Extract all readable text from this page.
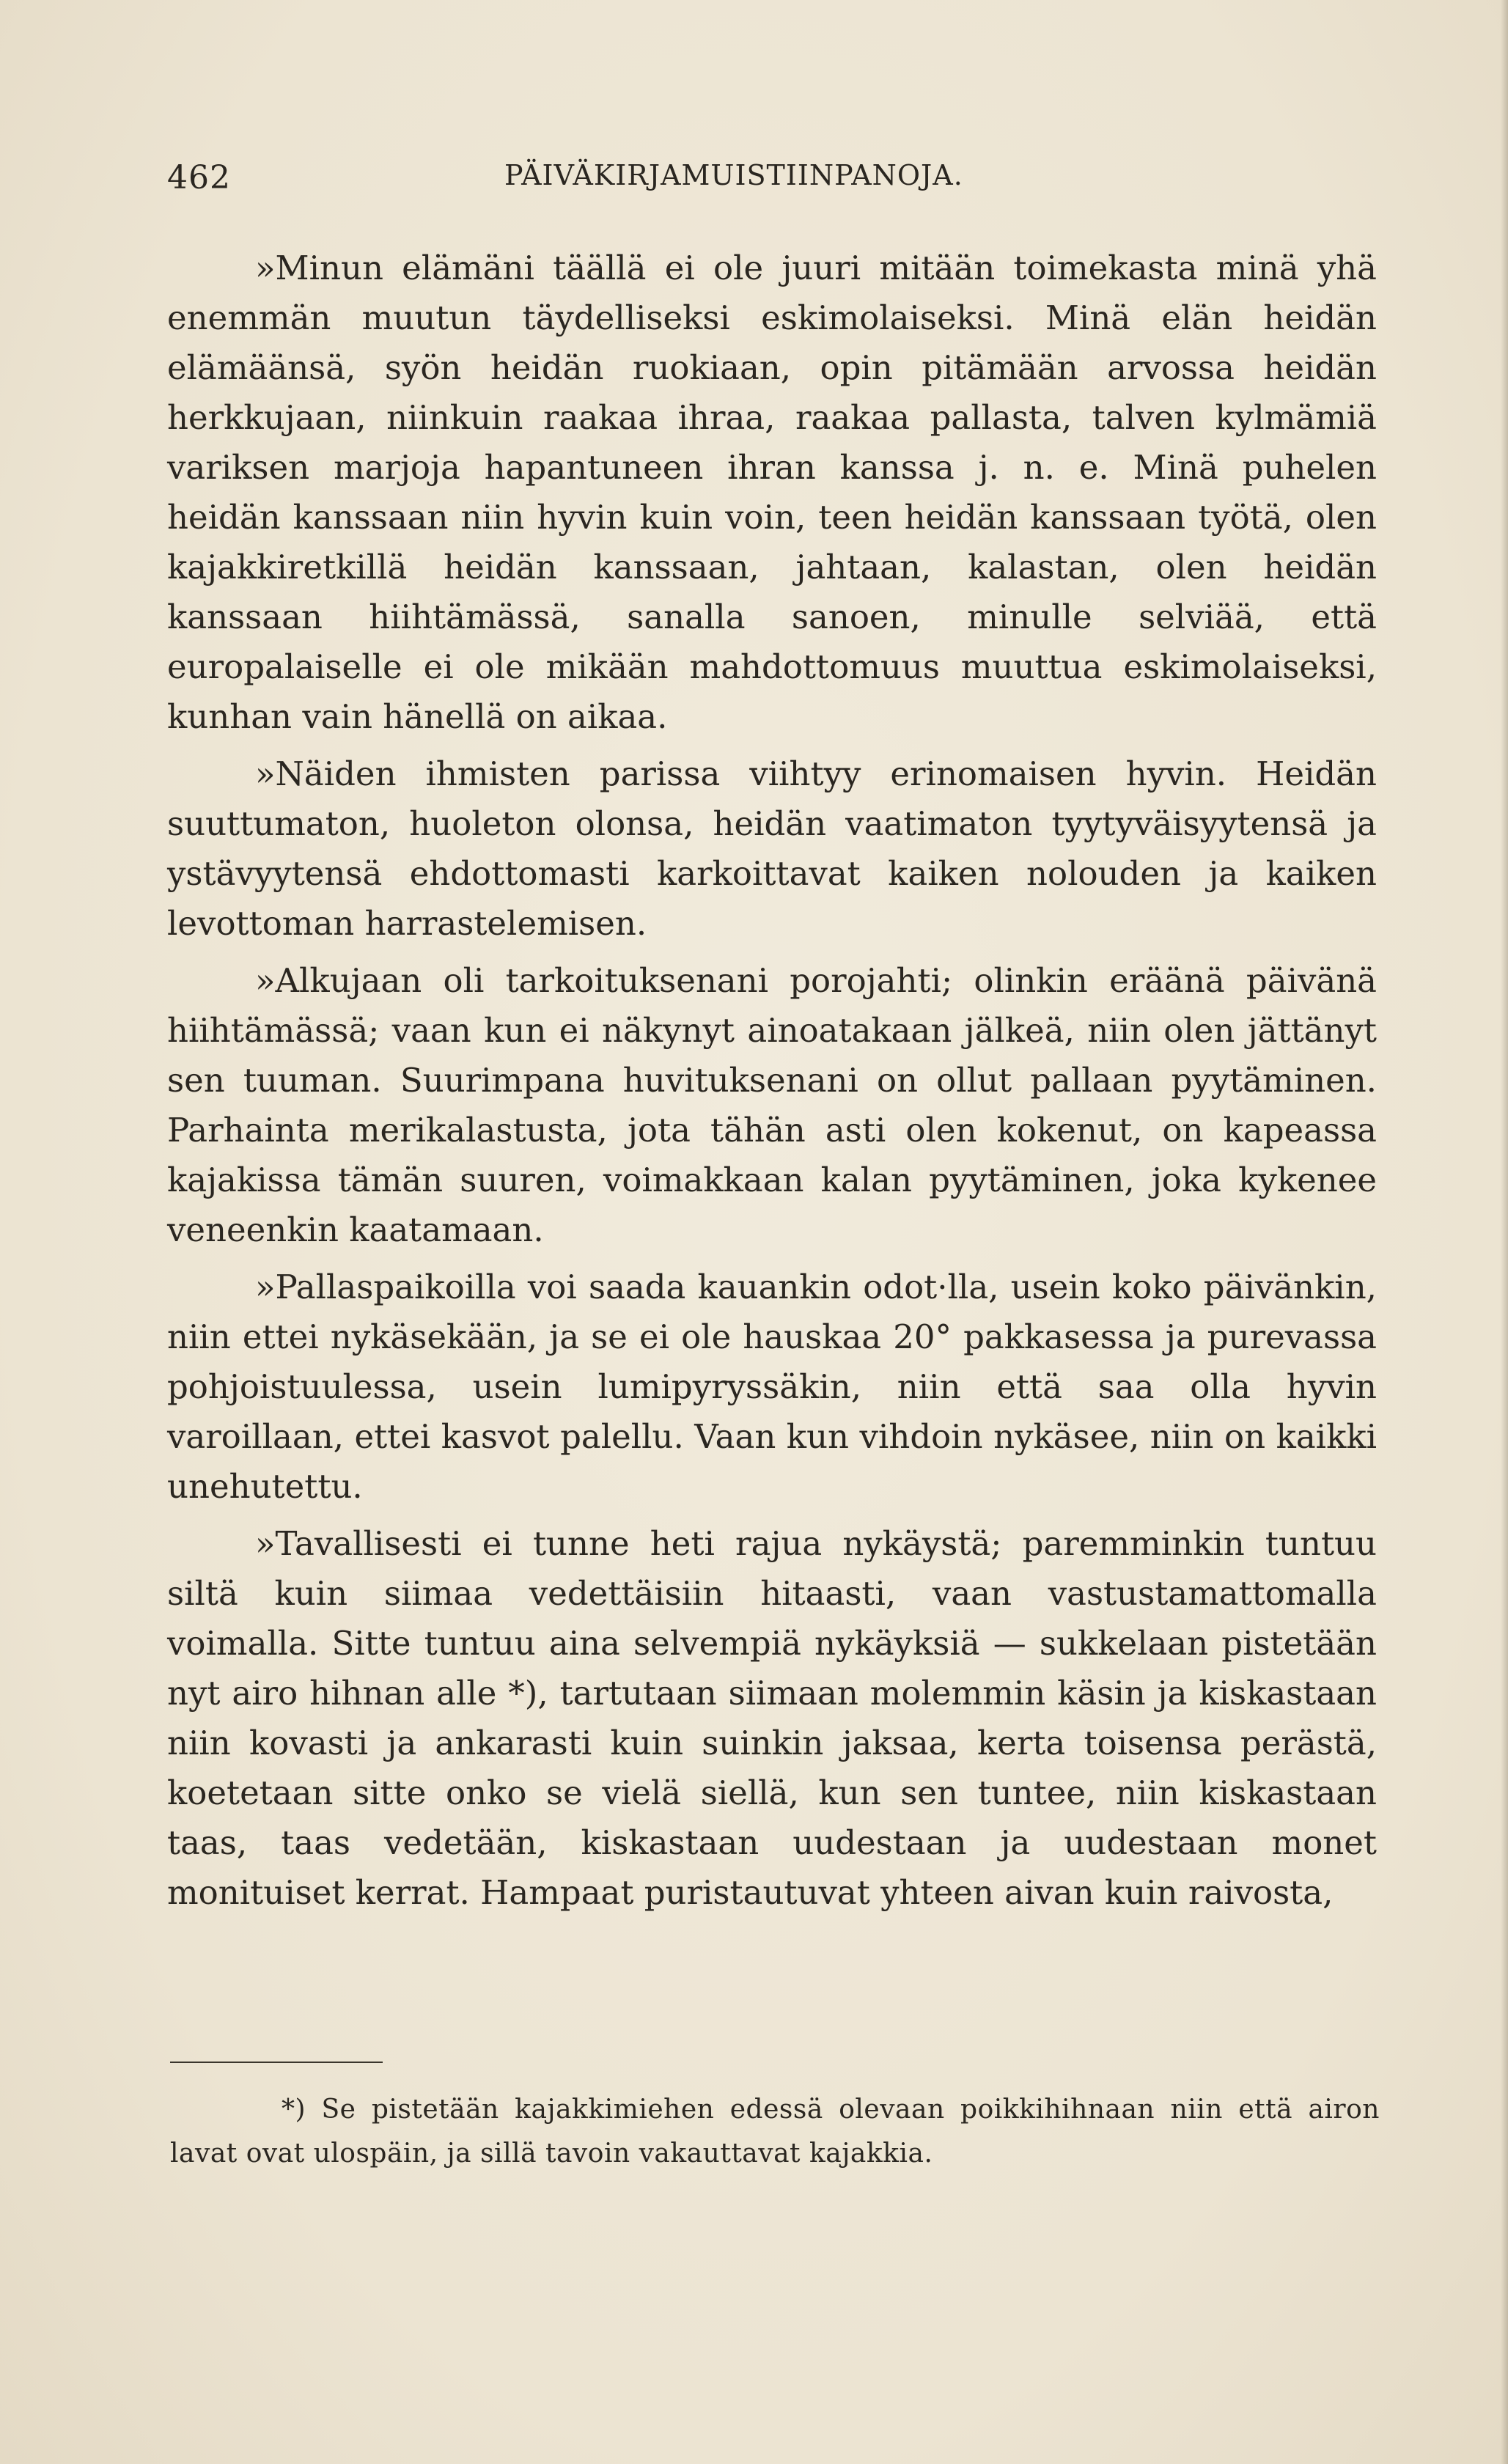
462	PÄIVÄKIRJAMUISTIINPANOJA.

»Minun elämäni täällä ei ole juuri mitään toimekasta minä yhä enemmän muutun täydelliseksi eskimolaiseksi. Minä elän heidän elämäänsä, syön heidän ruokiaan, opin pitämään arvossa heidän herkkujaan, niinkuin raakaa ihraa, raakaa pallasta, talven kylmämiä variksen marjoja hapantuneen ihran kanssa j. n. e. Minä puhelen heidän kanssaan niin hyvin kuin voin, teen heidän kanssaan työtä, olen kajakkiretkillä heidän kanssaan, jahtaan, kalastan, olen heidän kanssaan hiihtämässä, sanalla sanoen, minulle selviää, että europalaiselle ei ole mikään mahdottomuus muuttua eskimolaiseksi, kunhan vain hänellä on aikaa.

»Näiden ihmisten parissa viihtyy erinomaisen hyvin. Heidän suuttumaton, huoleton olonsa, heidän vaatimaton tyytyväisyytensä ja ystävyytensä ehdottomasti karkoittavat kaiken nolouden ja kaiken levottoman harrastelemisen.

»Alkujaan oli tarkoituksenani porojahti; olinkin eräänä päivänä hiihtämässä; vaan kun ei näkynyt ainoatakaan jälkeä, niin olen jättänyt sen tuuman. Suurimpana huvituksenani on ollut pallaan pyytäminen. Parhainta merikalastusta, jota tähän asti olen kokenut, on kapeassa kajakissa tämän suuren, voimakkaan kalan pyytäminen, joka kykenee veneenkin kaatamaan.

»Pallaspaikoilla voi saada kauankin odot·lla, usein koko päivänkin, niin ettei nykäsekään, ja se ei ole hauskaa 20° pakkasessa ja purevassa pohjoistuulessa, usein lumipyryssäkin, niin että saa olla hyvin varoillaan, ettei kasvot palellu. Vaan kun vihdoin nykäsee, niin on kaikki unehutettu.

»Tavallisesti ei tunne heti rajua nykäystä; paremminkin tuntuu siltä kuin siimaa vedettäisiin hitaasti, vaan vastustamattomalla voimalla. Sitte tuntuu aina selvempiä nykäyksiä — sukkelaan pistetään nyt airo hihnan alle *), tartutaan siimaan molemmin käsin ja kiskastaan niin kovasti ja ankarasti kuin suinkin jaksaa, kerta toisensa perästä, koetetaan sitte onko se vielä siellä, kun sen tuntee, niin kiskastaan taas, taas vedetään, kiskastaan uudestaan ja uudestaan monet monituiset kerrat. Hampaat puristautuvat yhteen aivan kuin raivosta,

*) Se pistetään kajakkimiehen edessä olevaan poikkihihnaan niin että airon lavat ovat ulospäin, ja sillä tavoin vakauttavat kajakkia.
